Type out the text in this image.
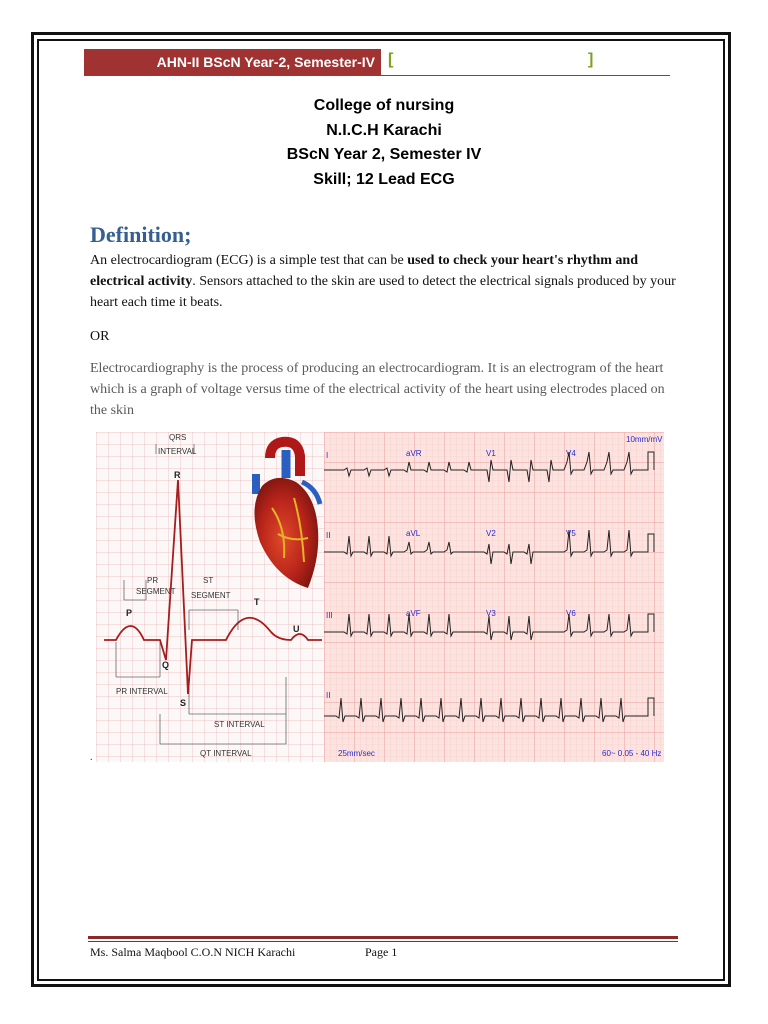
AHN-II BScN Year-2, Semester-IV [	]
College of nursing
N.I.C.H Karachi
BScN Year 2, Semester IV
Skill; 12 Lead ECG
Definition;
An electrocardiogram (ECG) is a simple test that can be used to check your heart's rhythm and electrical activity. Sensors attached to the skin are used to detect the electrical signals produced by your heart each time it beats.
OR
Electrocardiography is the process of producing an electrocardiogram. It is an electrogram of the heart which is a graph of voltage versus time of the electrical activity of the heart using electrodes placed on the skin
QRS
INTERVAL
R
PR
SEGMENT
ST
SEGMENT
P
T
U
Q
S
PR INTERVAL
ST INTERVAL
QT INTERVAL
10mm/mV
25mm/sec	60~ 0.05 - 40 Hz
I	aVR	V1	V4
II	aVL	V2	V5
III	aVF	V3	V6
II
.
Ms. Salma Maqbool C.O.N NICH Karachi	Page 1
